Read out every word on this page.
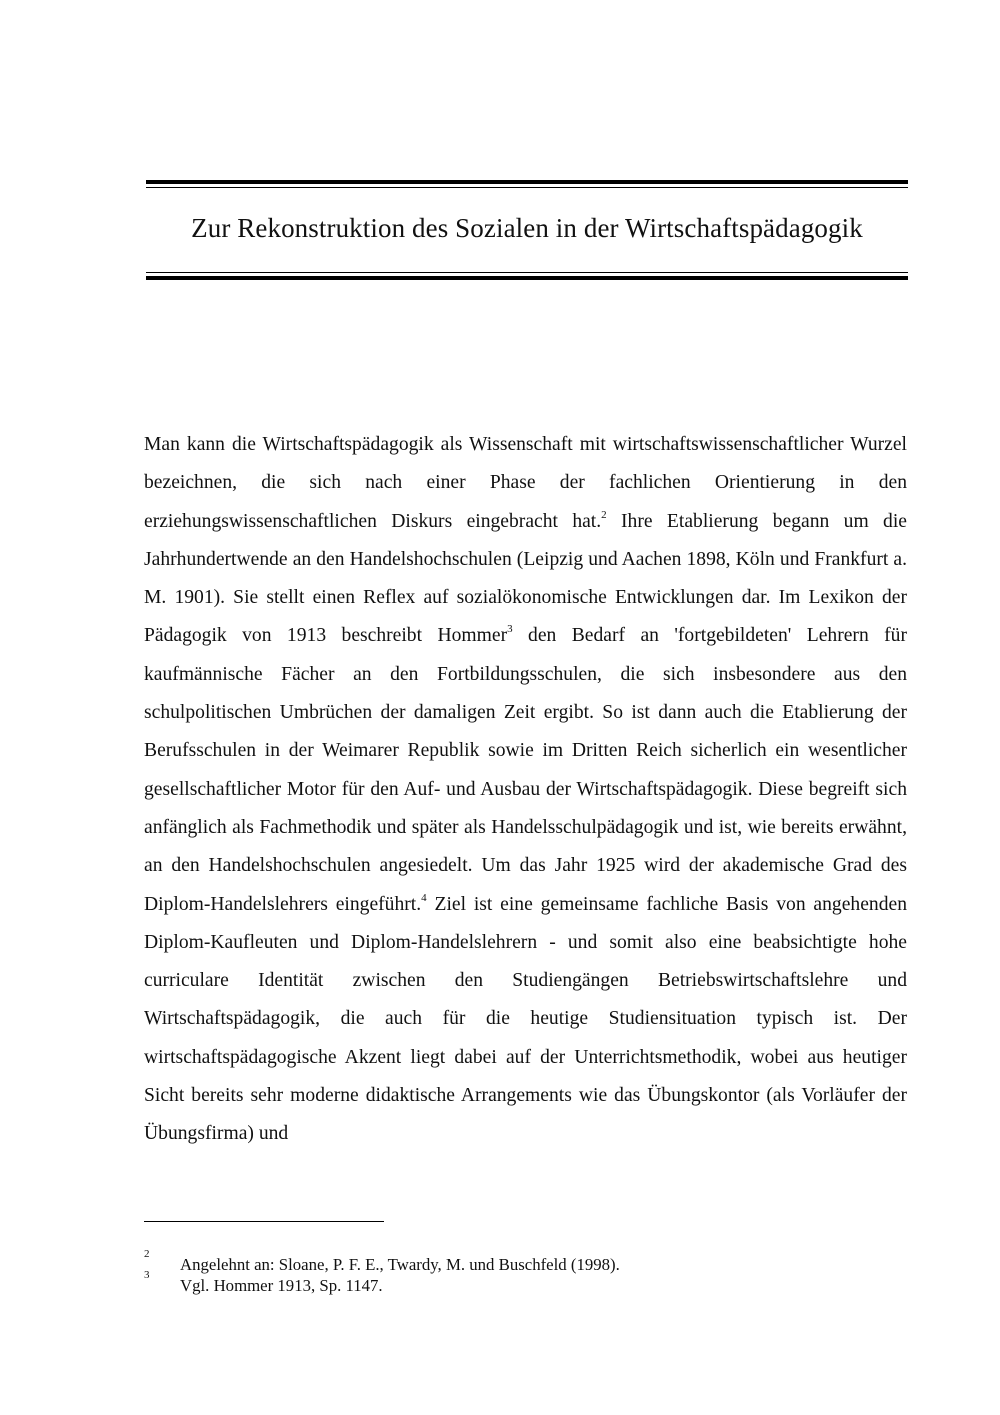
Zur Rekonstruktion des Sozialen in der Wirtschaftspädagogik

Man kann die Wirtschaftspädagogik als Wissenschaft mit wirtschaftswissenschaftlicher Wurzel bezeichnen, die sich nach einer Phase der fachlichen Orientierung in den erziehungswissenschaftlichen Diskurs eingebracht hat.$^2$ Ihre Etablierung begann um die Jahrhundertwende an den Handelshochschulen (Leipzig und Aachen 1898, Köln und Frankfurt a. M. 1901). Sie stellt einen Reflex auf sozialökonomische Entwicklungen dar. Im Lexikon der Pädagogik von 1913 beschreibt Hommer$^3$ den Bedarf an 'fortgebildeten' Lehrern für kaufmännische Fächer an den Fortbildungsschulen, die sich insbesondere aus den schulpolitischen Umbrüchen der damaligen Zeit ergibt. So ist dann auch die Etablierung der Berufsschulen in der Weimarer Republik sowie im Dritten Reich sicherlich ein wesentlicher gesellschaftlicher Motor für den Auf- und Ausbau der Wirtschaftspädagogik. Diese begreift sich anfänglich als Fachmethodik und später als Handelsschulpädagogik und ist, wie bereits erwähnt, an den Handelshochschulen angesiedelt. Um das Jahr 1925 wird der akademische Grad des Diplom-Handelslehrers eingeführt.$^4$ Ziel ist eine gemeinsame fachliche Basis von angehenden Diplom-Kaufleuten und Diplom-Handelslehrern - und somit also eine beabsichtigte hohe curriculare Identität zwischen den Studiengängen Betriebswirtschaftslehre und Wirtschaftspädagogik, die auch für die heutige Studiensituation typisch ist. Der wirtschaftspädagogische Akzent liegt dabei auf der Unterrichtsmethodik, wobei aus heutiger Sicht bereits sehr moderne didaktische Arrangements wie das Übungskontor (als Vorläufer der Übungsfirma) und

2
Angelehnt an: Sloane, P. F. E., Twardy, M. und Buschfeld (1998).
3
Vgl. Hommer 1913, Sp. 1147.
